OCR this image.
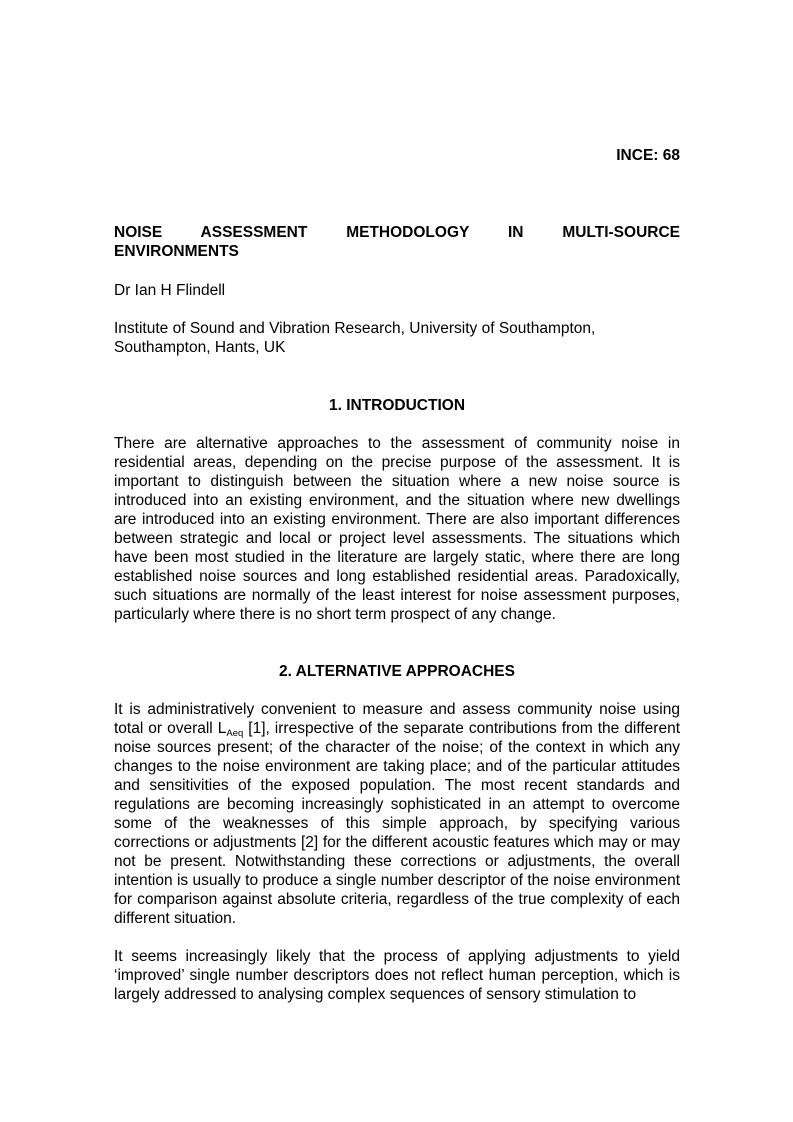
INCE: 68
NOISE ASSESSMENT METHODOLOGY IN MULTI-SOURCE
ENVIRONMENTS
Dr Ian H Flindell
Institute of Sound and Vibration Research, University of Southampton,
Southampton, Hants, UK
1. INTRODUCTION
There are alternative approaches to the assessment of community noise in residential areas, depending on the precise purpose of the assessment. It is important to distinguish between the situation where a new noise source is introduced into an existing environment, and the situation where new dwellings are introduced into an existing environment. There are also important differences between strategic and local or project level assessments. The situations which have been most studied in the literature are largely static, where there are long established noise sources and long established residential areas. Paradoxically, such situations are normally of the least interest for noise assessment purposes, particularly where there is no short term prospect of any change.
2. ALTERNATIVE APPROACHES
It is administratively convenient to measure and assess community noise using total or overall $L_{Aeq}$ [1], irrespective of the separate contributions from the different noise sources present; of the character of the noise; of the context in which any changes to the noise environment are taking place; and of the particular attitudes and sensitivities of the exposed population. The most recent standards and regulations are becoming increasingly sophisticated in an attempt to overcome some of the weaknesses of this simple approach, by specifying various corrections or adjustments [2] for the different acoustic features which may or may not be present. Notwithstanding these corrections or adjustments, the overall intention is usually to produce a single number descriptor of the noise environment for comparison against absolute criteria, regardless of the true complexity of each different situation.
It seems increasingly likely that the process of applying adjustments to yield ‘improved’ single number descriptors does not reflect human perception, which is largely addressed to analysing complex sequences of sensory stimulation to
